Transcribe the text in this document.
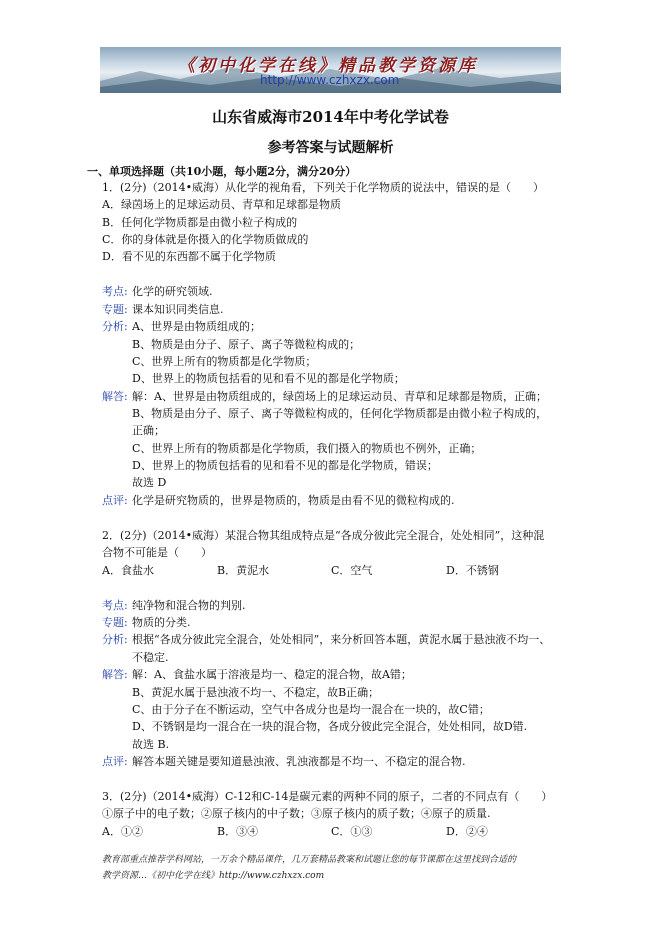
《初中化学在线》精品教学资源库
http://www.czhxzx.com
山东省威海市2014年中考化学试卷
参考答案与试题解析
一、单项选择题（共10小题，每小题2分，满分20分）
1．(2分)（2014•威海）从化学的视角看，下列关于化学物质的说法中，错误的是（　　）
A．绿茵场上的足球运动员、青草和足球都是物质
B．任何化学物质都是由微小粒子构成的
C．你的身体就是你摄入的化学物质做成的
D．看不见的东西都不属于化学物质
考点: 化学的研究领域.
专题: 课本知识同类信息.
分析: A、世界是由物质组成的；
B、物质是由分子、原子、离子等微粒构成的；
C、世界上所有的物质都是化学物质；
D、世界上的物质包括看的见和看不见的都是化学物质；
解答: 解：A、世界是由物质组成的，绿茵场上的足球运动员、青草和足球都是物质，正确；
B、物质是由分子、原子、离子等微粒构成的，任何化学物质都是由微小粒子构成的，
正确；
C、世界上所有的物质都是化学物质，我们摄入的物质也不例外，正确；
D、世界上的物质包括看的见和看不见的都是化学物质，错误；
故选 D
点评: 化学是研究物质的，世界是物质的，物质是由看不见的微粒构成的.
2．(2分)（2014•威海）某混合物其组成特点是“各成分彼此完全混合，处处相同”，这种混
合物不可能是（　　）
A．食盐水	B．黄泥水	C．空气	D．不锈钢
考点: 纯净物和混合物的判别.
专题: 物质的分类.
分析: 根据“各成分彼此完全混合，处处相同”，来分析回答本题，黄泥水属于悬浊液不均一、
不稳定.
解答: 解：A、食盐水属于溶液是均一、稳定的混合物，故A错；
B、黄泥水属于悬浊液不均一、不稳定，故B正确；
C、由于分子在不断运动，空气中各成分也是均一混合在一块的，故C错；
D、不锈钢是均一混合在一块的混合物，各成分彼此完全混合，处处相同，故D错.
故选 B.
点评: 解答本题关键是要知道悬浊液、乳浊液都是不均一、不稳定的混合物.
3．(2分)（2014•威海）C-12和C-14是碳元素的两种不同的原子，二者的不同点有（　　）
①原子中的电子数；②原子核内的中子数；③原子核内的质子数；④原子的质量.
A．①②	B．③④	C．①③	D．②④
教育部重点推荐学科网站，一万余个精品课件，几万套精品教案和试题让您的每节课都在这里找到合适的
教学资源…《初中化学在线》http://www.czhxzx.com
